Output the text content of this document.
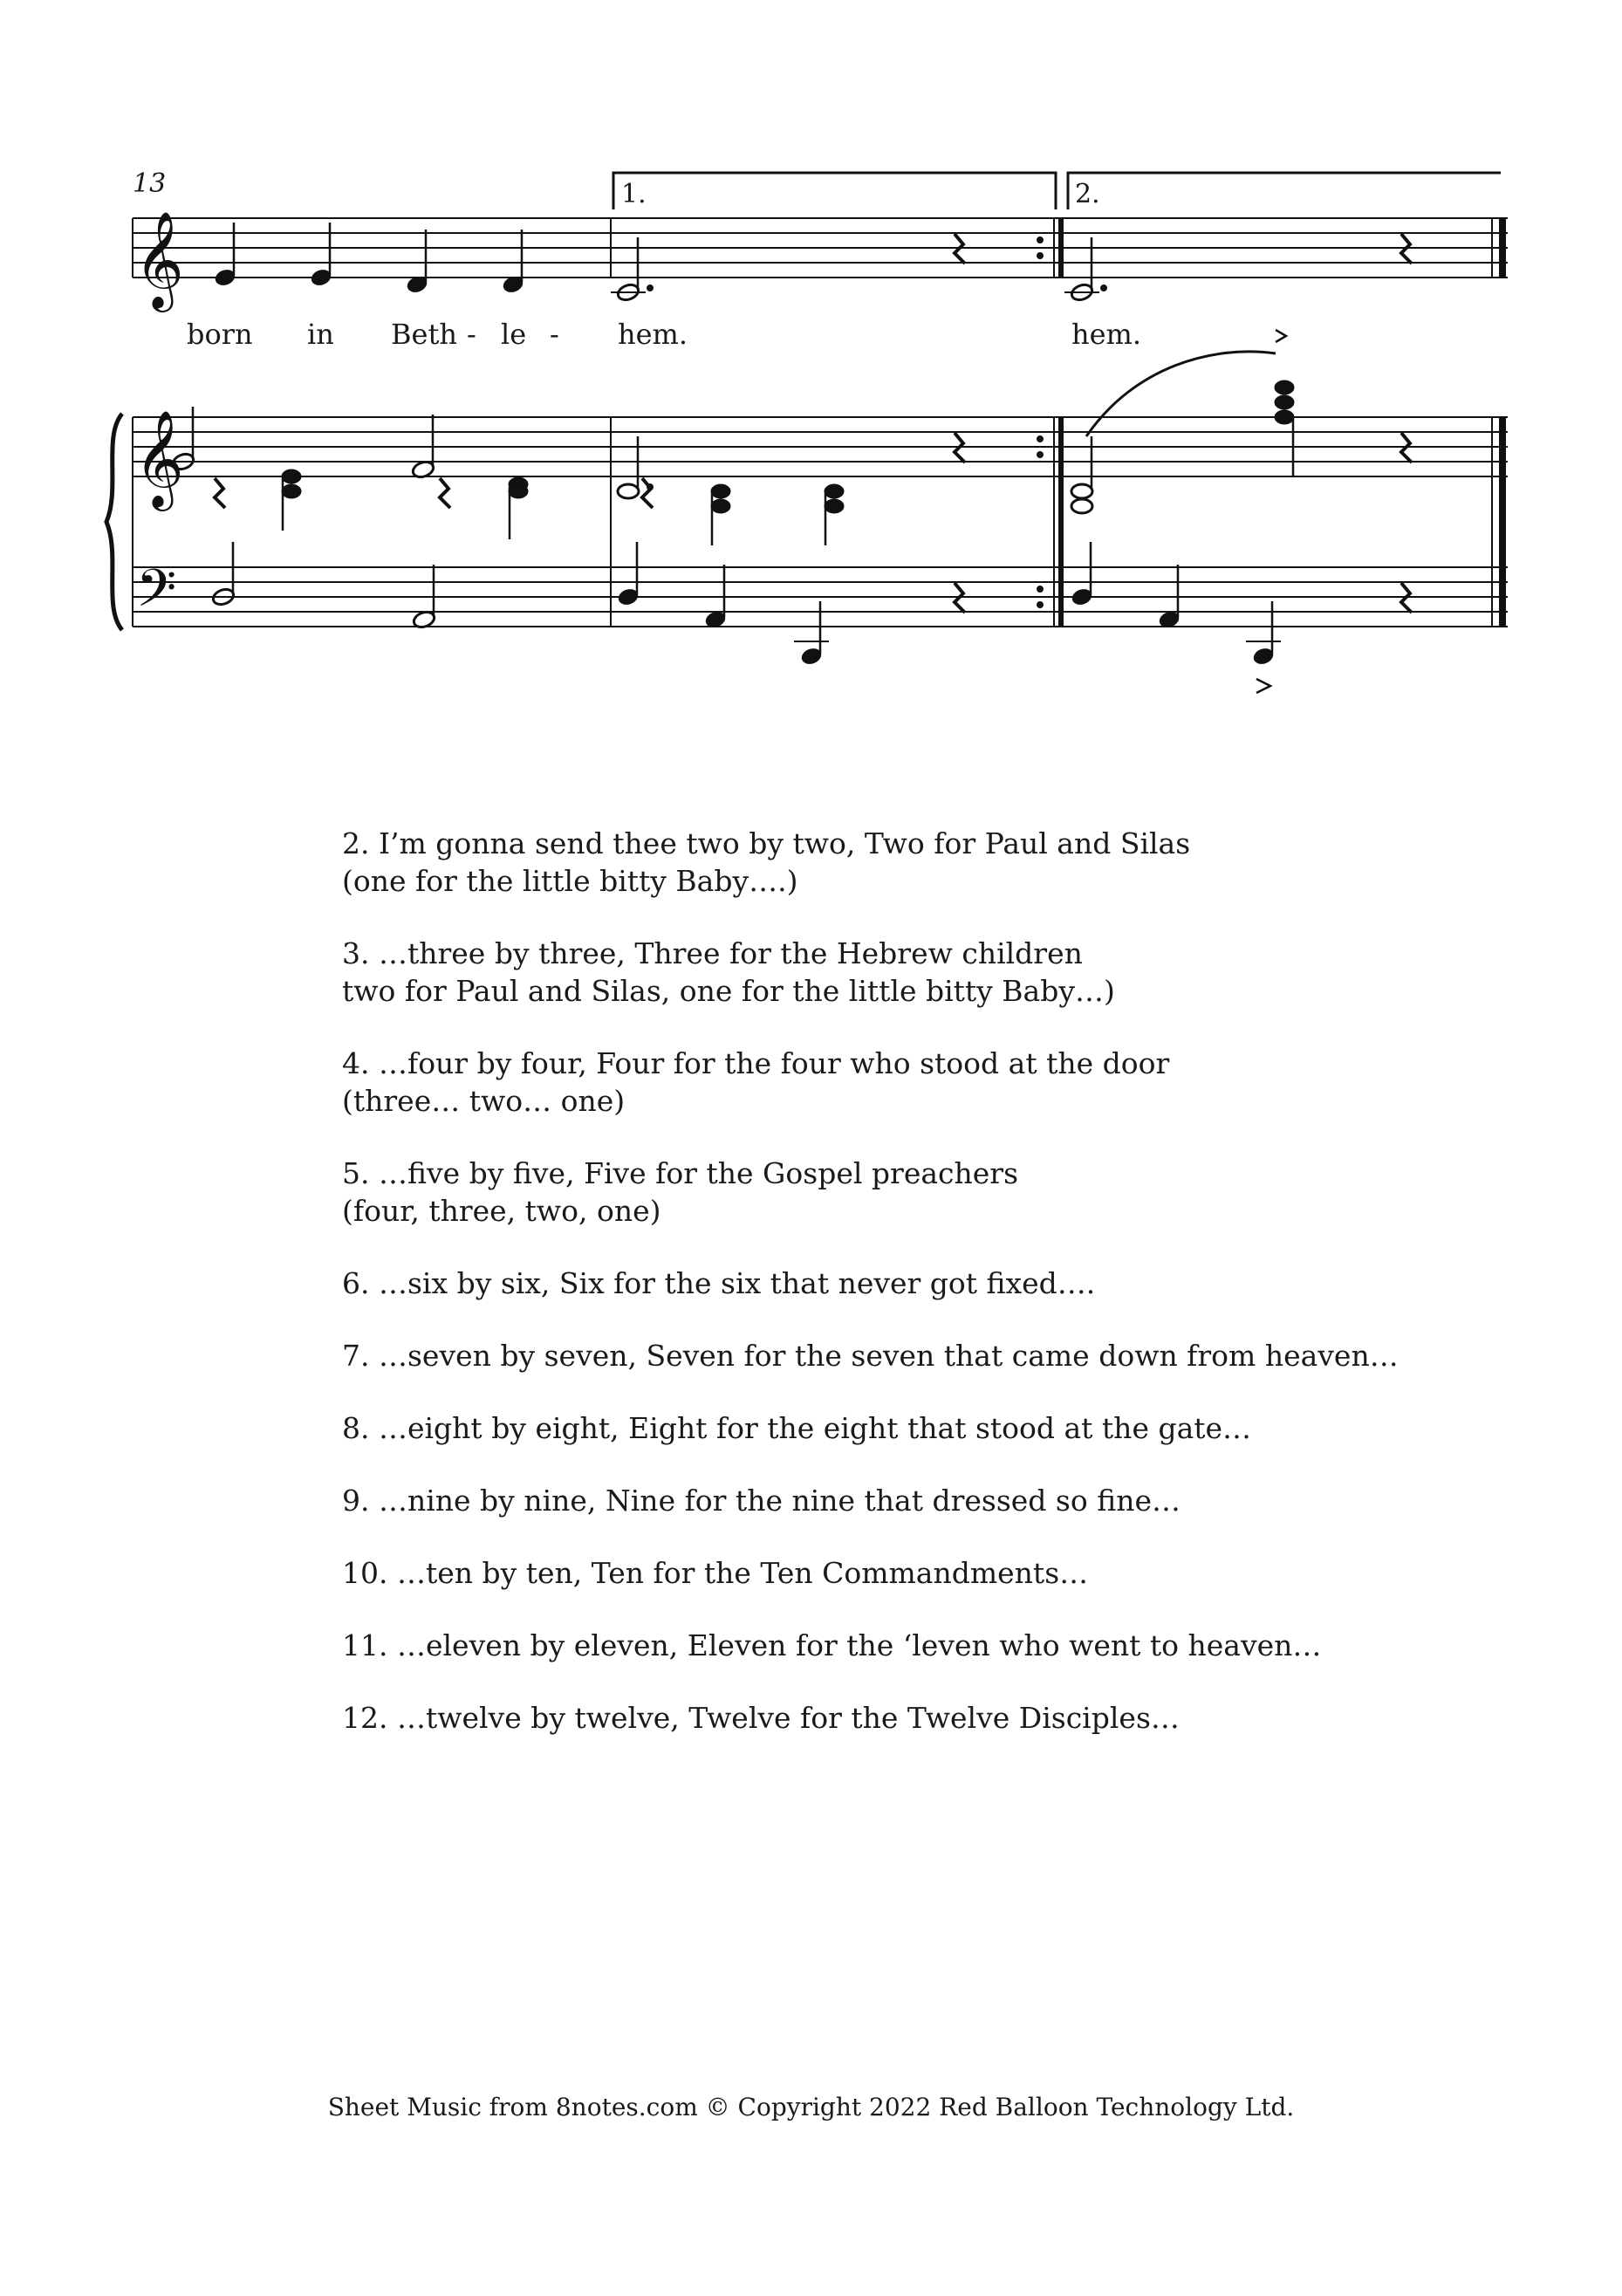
13	1.	2.
𝄞
born in Beth - le - hem.	hem.
𝄞
𝄢
2. I’m gonna send thee two by two, Two for Paul and Silas
(one for the little bitty Baby….)
3. …three by three, Three for the Hebrew children
two for Paul and Silas, one for the little bitty Baby…)
4. …four by four, Four for the four who stood at the door
(three… two… one)
5. …five by five, Five for the Gospel preachers
(four, three, two, one)
6. …six by six, Six for the six that never got fixed….
7. …seven by seven, Seven for the seven that came down from heaven…
8. …eight by eight, Eight for the eight that stood at the gate…
9. …nine by nine, Nine for the nine that dressed so fine…
10. …ten by ten, Ten for the Ten Commandments…
11. …eleven by eleven, Eleven for the ‘leven who went to heaven…
12. …twelve by twelve, Twelve for the Twelve Disciples…
Sheet Music from 8notes.com © Copyright 2022 Red Balloon Technology Ltd.
